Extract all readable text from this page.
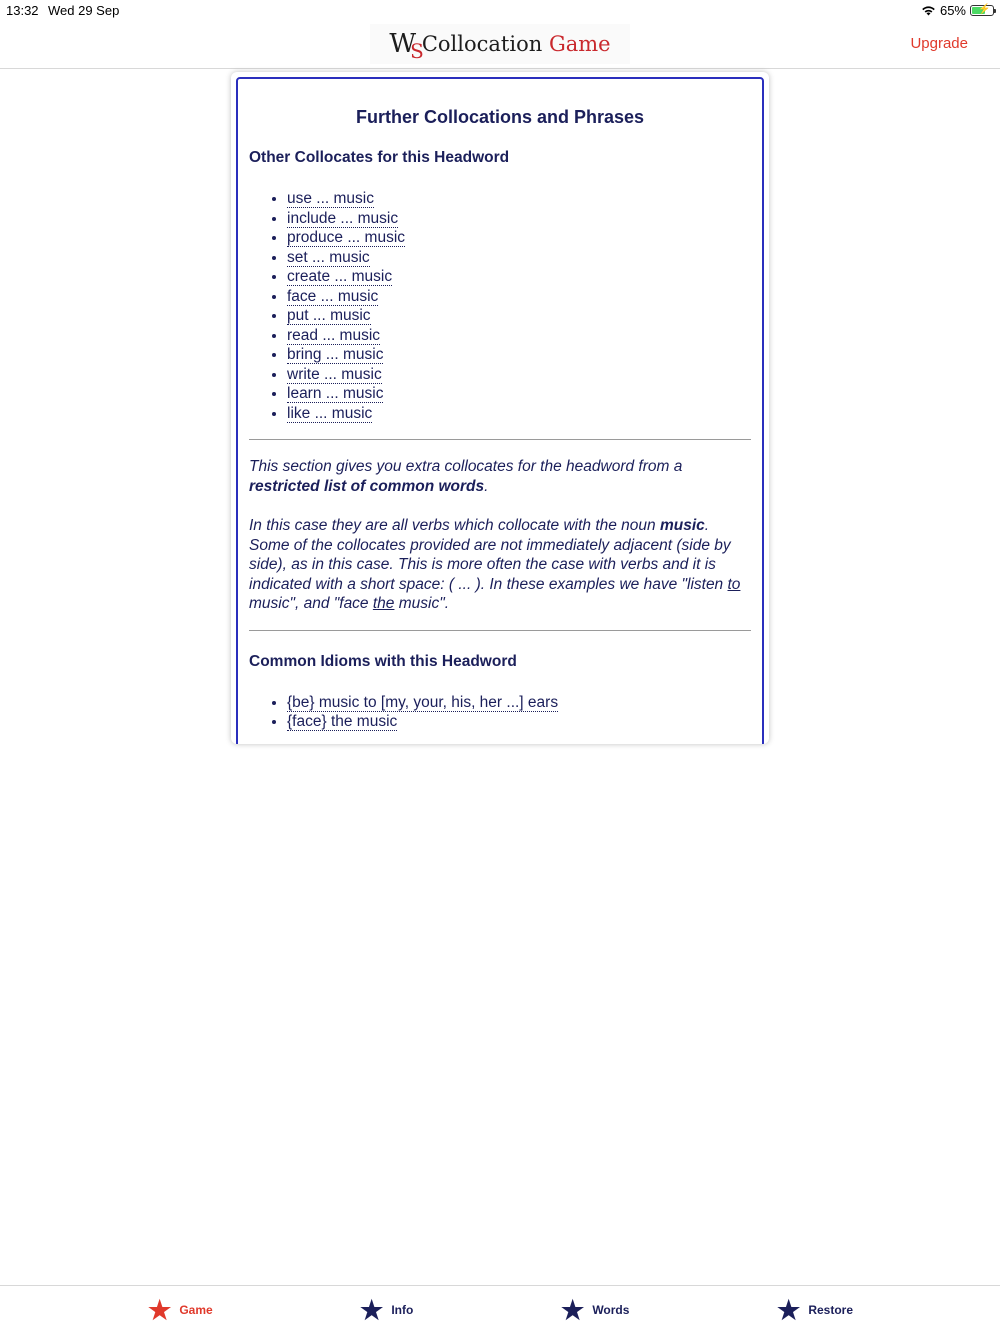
13:32 Wed 29 Sep	65% ⚡
$W_S$ Collocation Game	Upgrade
Further Collocations and Phrases
Other Collocates for this Headword
• use ... music
• include ... music
• produce ... music
• set ... music
• create ... music
• face ... music
• put ... music
• read ... music
• bring ... music
• write ... music
• learn ... music
• like ... music

This section gives you extra collocates for the headword from a restricted list of common words.

In this case they are all verbs which collocate with the noun music. Some of the collocates provided are not immediately adjacent (side by side), as in this case. This is more often the case with verbs and it is indicated with a short space: ( ... ). In these examples we have "listen to music", and "face the music".

Common Idioms with this Headword
• {be} music to [my, your, his, her ...] ears
• {face} the music
★ Game	★ Info	★ Words	★ Restore
